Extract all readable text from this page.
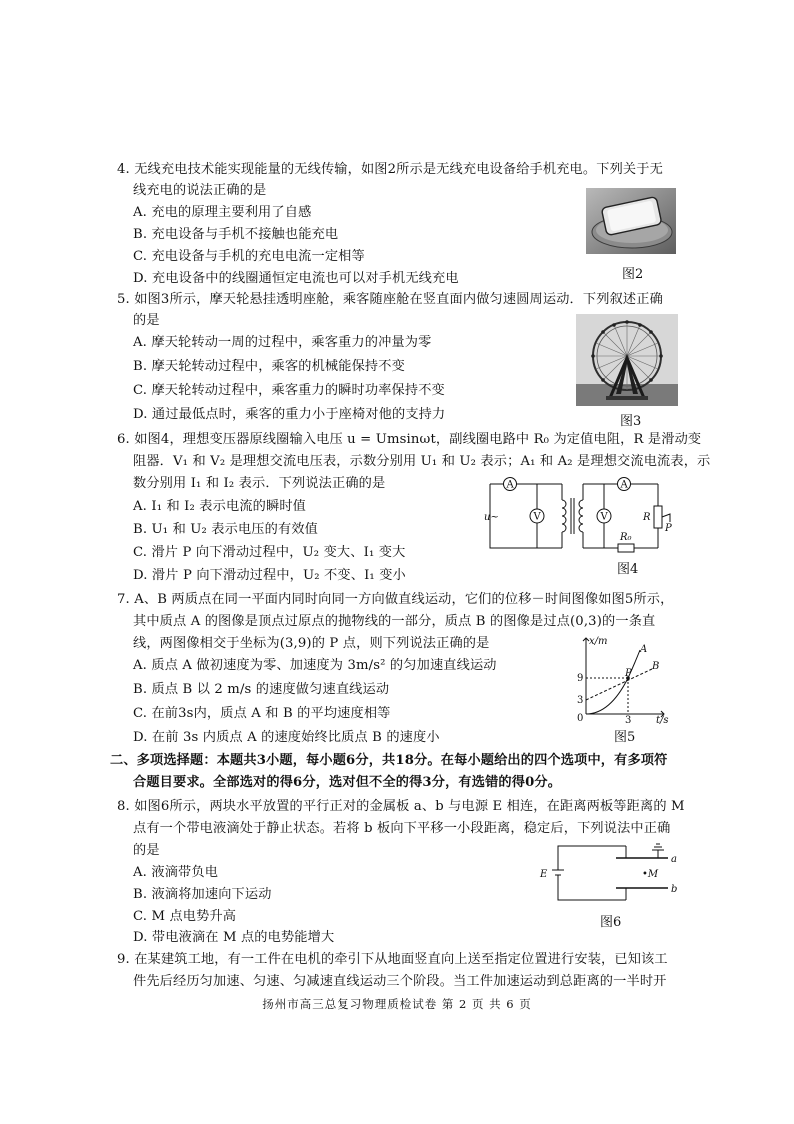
4. 无线充电技术能实现能量的无线传输，如图2所示是无线充电设备给手机充电。下列关于无
线充电的说法正确的是
A. 充电的原理主要利用了自感
B. 充电设备与手机不接触也能充电
C. 充电设备与手机的充电电流一定相等
D. 充电设备中的线圈通恒定电流也可以对手机无线充电	图2
5. 如图3所示，摩天轮悬挂透明座舱，乘客随座舱在竖直面内做匀速圆周运动．下列叙述正确
的是
A. 摩天轮转动一周的过程中，乘客重力的冲量为零
B. 摩天轮转动过程中，乘客的机械能保持不变
C. 摩天轮转动过程中，乘客重力的瞬时功率保持不变
D. 通过最低点时，乘客的重力小于座椅对他的支持力	图3
6. 如图4，理想变压器原线圈输入电压 u = Umsinωt，副线圈电路中 R₀ 为定值电阻，R 是滑动变
阻器．V₁ 和 V₂ 是理想交流电压表，示数分别用 U₁ 和 U₂ 表示；A₁ 和 A₂ 是理想交流电流表，示
数分别用 I₁ 和 I₂ 表示．下列说法正确的是
A. I₁ 和 I₂ 表示电流的瞬时值
B. U₁ 和 U₂ 表示电压的有效值
C. 滑片 P 向下滑动过程中，U₂ 变大、I₁ 变大
D. 滑片 P 向下滑动过程中，U₂ 不变、I₁ 变小
A
V	V
A
u~	R
P
R₀
图4
7. A、B 两质点在同一平面内同时向同一方向做直线运动，它们的位移－时间图像如图5所示，
其中质点 A 的图像是顶点过原点的抛物线的一部分，质点 B 的图像是过点(0,3)的一条直
线，两图像相交于坐标为(3,9)的 P 点，则下列说法正确的是
A. 质点 A 做初速度为零、加速度为 3m/s² 的匀加速直线运动
B. 质点 B 以 2 m/s 的速度做匀速直线运动
C. 在前3s内，质点 A 和 B 的平均速度相等
D. 在前 3s 内质点 A 的速度始终比质点 B 的速度小
x/m
t/s
A
B
P
9
3
3
0
图5
二、多项选择题：本题共3小题，每小题6分，共18分。在每小题给出的四个选项中，有多项符
合题目要求。全部选对的得6分，选对但不全的得3分，有选错的得0分。
8. 如图6所示，两块水平放置的平行正对的金属板 a、b 与电源 E 相连，在距离两板等距离的 M
点有一个带电液滴处于静止状态。若将 b 板向下平移一小段距离，稳定后，下列说法中正确
的是
A. 液滴带负电
B. 液滴将加速向下运动
C. M 点电势升高
D. 带电液滴在 M 点的电势能增大
E
a
b
•M
图6
9. 在某建筑工地，有一工件在电机的牵引下从地面竖直向上送至指定位置进行安装，已知该工
件先后经历匀加速、匀速、匀减速直线运动三个阶段。当工件加速运动到总距离的一半时开
扬州市高三总复习物理质检试卷 第 2 页 共 6 页
